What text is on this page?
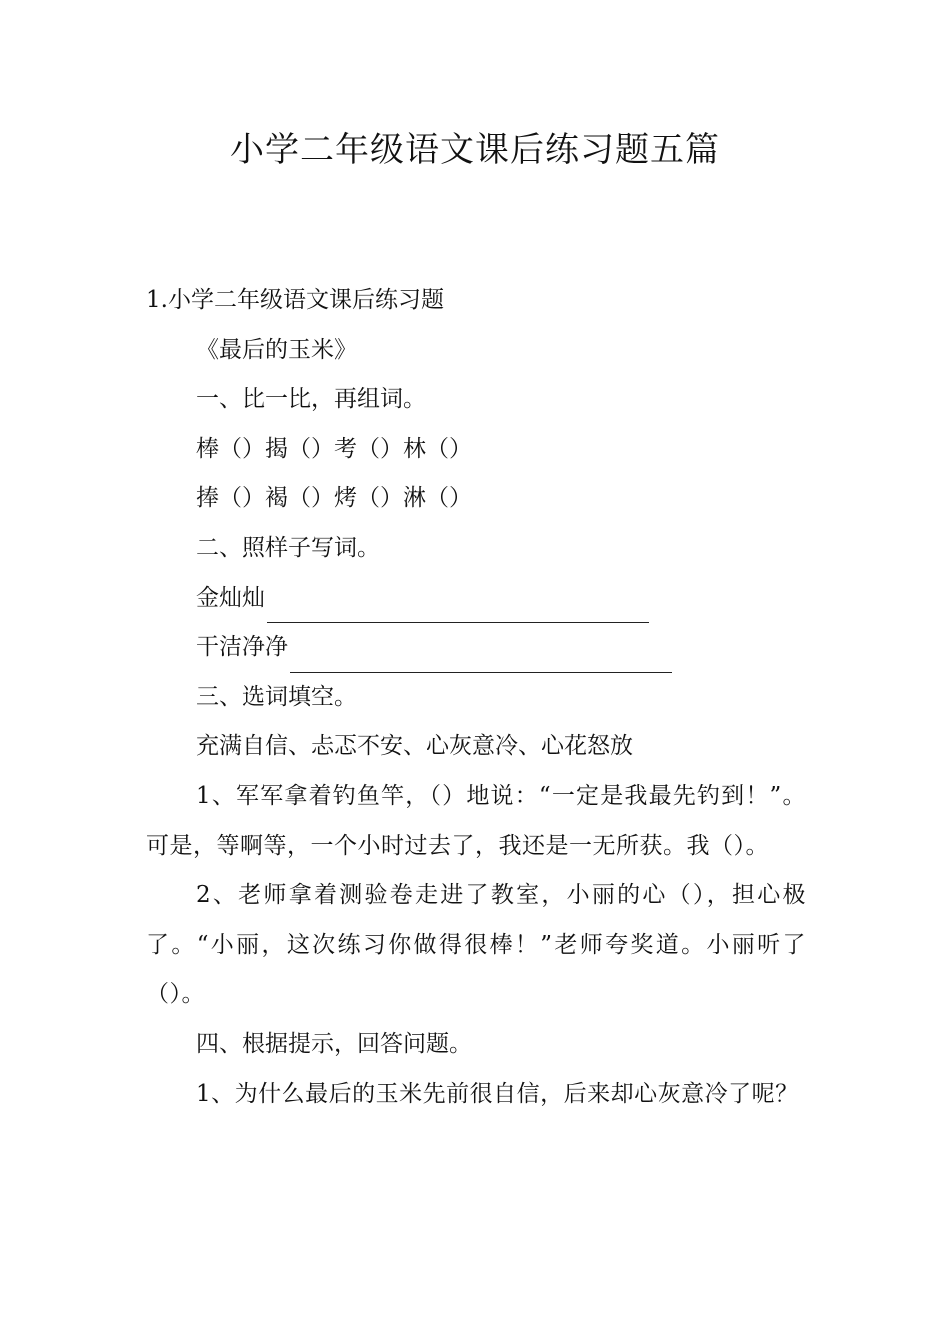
小学二年级语文课后练习题五篇

1.小学二年级语文课后练习题

《最后的玉米》

一、比一比，再组词。

棒（）揭（）考（）林（）

捧（）褐（）烤（）淋（）

二、照样子写词。

金灿灿

干洁净净

三、选词填空。

充满自信、忐忑不安、心灰意冷、心花怒放

1、军军拿着钓鱼竿，（）地说：“一定是我最先钓到！”。可是，等啊等，一个小时过去了，我还是一无所获。我（）。

2、老师拿着测验卷走进了教室，小丽的心（），担心极了。“小丽，这次练习你做得很棒！”老师夸奖道。小丽听了（）。

四、根据提示，回答问题。

1、为什么最后的玉米先前很自信，后来却心灰意冷了呢？
